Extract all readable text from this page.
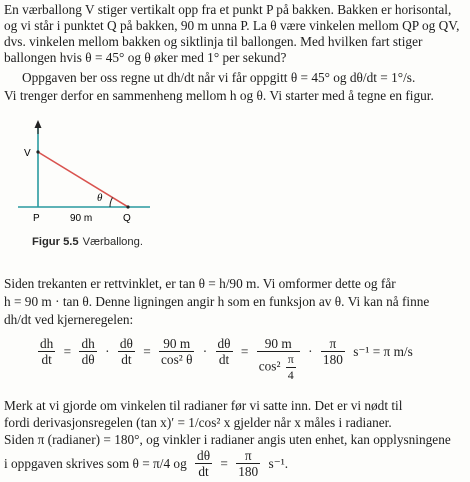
En værballong V stiger vertikalt opp fra et punkt P på bakken. Bakken er horisontal,
og vi står i punktet Q på bakken, 90 m unna P. La θ være vinkelen mellom QP og QV,
dvs. vinkelen mellom bakken og siktlinja til ballongen. Med hvilken fart stiger
ballongen hvis θ = 45° og θ øker med 1° per sekund?
Oppgaven ber oss regne ut dh/dt når vi får oppgitt θ = 45° og dθ/dt = 1°/s.
Vi trenger derfor en sammenheng mellom h og θ. Vi starter med å tegne en figur.
V
P	Q
θ
90 m
Figur 5.5 Værballong.
Siden trekanten er rettvinklet, er tan θ = h/90 m. Vi omformer dette og får
h = 90 m · tan θ. Denne ligningen angir h som en funksjon av θ. Vi kan nå finne
dh/dt ved kjerneregelen:
$\frac{dh}{dt} = \frac{dh}{d\theta} \cdot \frac{d\theta}{dt} = \frac{90 m}{\text{cos² θ}} \cdot \frac{d\theta}{dt} = \frac{90 m}{\cos^2 \frac{\pi}{4}} \cdot \frac{\pi}{180} s^{-1} = \pi$ m/s
Merk at vi gjorde om vinkelen til radianer før vi satte inn. Det er vi nødt til
fordi derivasjonsregelen (tan x)′ = 1/cos² x gjelder når x måles i radianer.
Siden π (radianer) = 180°, og vinkler i radianer angis uten enhet, kan opplysningene
i oppgaven skrives som θ = π/4 og $\frac{d\theta}{dt} = \frac{\pi}{180} s^{-1}$.
